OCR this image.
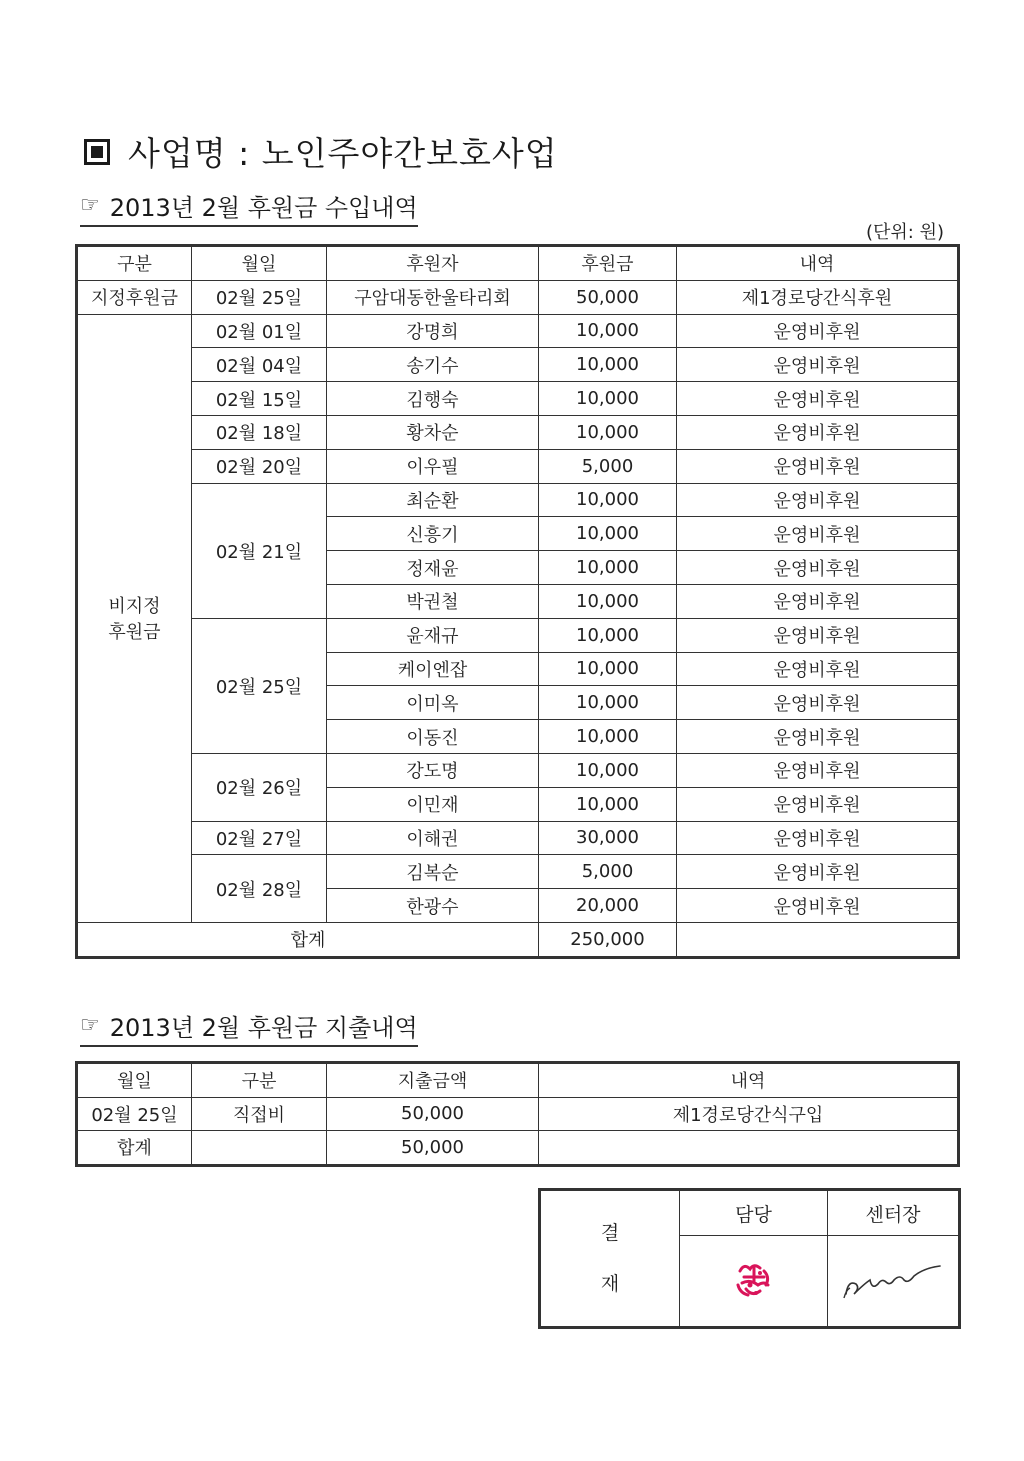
사업명 : 노인주야간보호사업
☞ 2013년 2월 후원금 수입내역
(단위: 원)
구분	월일	후원자	후원금	내역
지정후원금	02월 25일	구암대동한울타리회	50,000	제1경로당간식후원

비지정
후원금	02월 01일	강명희	10,000	운영비후원
	02월 04일	송기수	10,000	운영비후원
	02월 15일	김행숙	10,000	운영비후원
	02월 18일	황차순	10,000	운영비후원
	02월 20일	이우필	5,000	운영비후원
	02월 21일	최순환	10,000	운영비후원
		신흥기	10,000	운영비후원
		정재윤	10,000	운영비후원
		박권철	10,000	운영비후원
	02월 25일	윤재규	10,000	운영비후원
		케이엔잡	10,000	운영비후원
		이미옥	10,000	운영비후원
		이동진	10,000	운영비후원
	02월 26일	강도명	10,000	운영비후원
		이민재	10,000	운영비후원
	02월 27일	이해권	30,000	운영비후원
	02월 28일	김복순	5,000	운영비후원
		한광수	20,000	운영비후원
합계			250,000	
☞ 2013년 2월 후원금 지출내역
월일	구분	지출금액	내역
02월 25일	직접비	50,000	제1경로당간식구입
합계		50,000	
결
재	담당	센터장
